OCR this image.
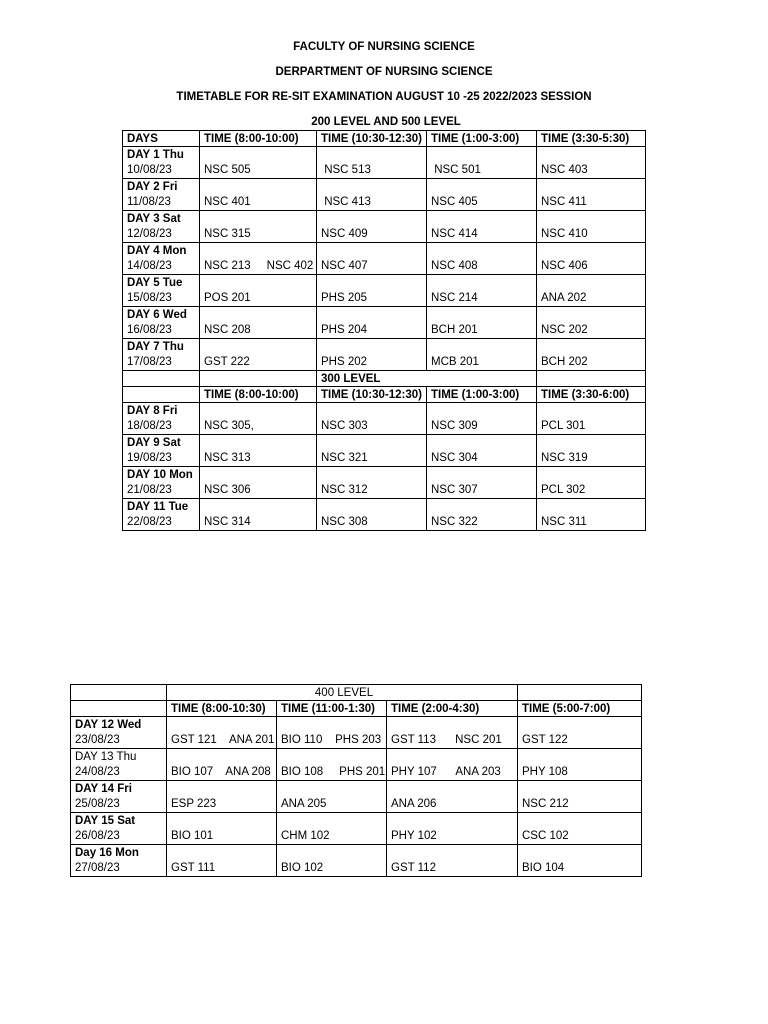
FACULTY OF NURSING SCIENCE
DERPARTMENT OF NURSING SCIENCE
TIMETABLE FOR RE-SIT EXAMINATION AUGUST 10 -25 2022/2023 SESSION
200 LEVEL AND 500 LEVEL
DAYS	TIME (8:00-10:00)	TIME (10:30-12:30)	TIME (1:00-3:00)	TIME (3:30-5:30)

DAY 1 Thu
10/08/23	NSC 505	NSC 513	NSC 501	NSC 403

DAY 2 Fri
11/08/23	NSC 401	NSC 413	NSC 405	NSC 411

DAY 3 Sat
12/08/23	NSC 315	NSC 409	NSC 414	NSC 410

DAY 4 Mon
14/08/23	NSC 213     NSC 402	NSC 407	NSC 408	NSC 406

DAY 5 Tue
15/08/23	POS 201	PHS 205	NSC 214	ANA 202

DAY 6 Wed
16/08/23	NSC 208	PHS 204	BCH 201	NSC 202

DAY 7 Thu
17/08/23	GST 222	PHS 202	MCB 201	BCH 202
		300 LEVEL		
	TIME (8:00-10:00)	TIME (10:30-12:30)	TIME (1:00-3:00)	TIME (3:30-6:00)

DAY 8 Fri
18/08/23	NSC 305,	NSC 303	NSC 309	PCL 301

DAY 9 Sat
19/08/23	NSC 313	NSC 321	NSC 304	NSC 319

DAY 10 Mon
21/08/23	NSC 306	NSC 312	NSC 307	PCL 302

DAY 11 Tue
22/08/23	NSC 314	NSC 308	NSC 322	NSC 311
	400 LEVEL			
	TIME (8:00-10:30)	TIME (11:00-1:30)	TIME (2:00-4:30)	TIME (5:00-7:00)

DAY 12 Wed
23/08/23	GST 121    ANA 201	BIO 110    PHS 203	GST 113      NSC 201	GST 122

DAY 13 Thu
24/08/23	BIO 107    ANA 208	BIO 108     PHS 201	PHY 107      ANA 203	PHY 108

DAY 14 Fri
25/08/23	ESP 223	ANA 205	ANA 206	NSC 212

DAY 15 Sat
26/08/23	BIO 101	CHM 102	PHY 102	CSC 102

Day 16 Mon
27/08/23	GST 111	BIO 102	GST 112	BIO 104
